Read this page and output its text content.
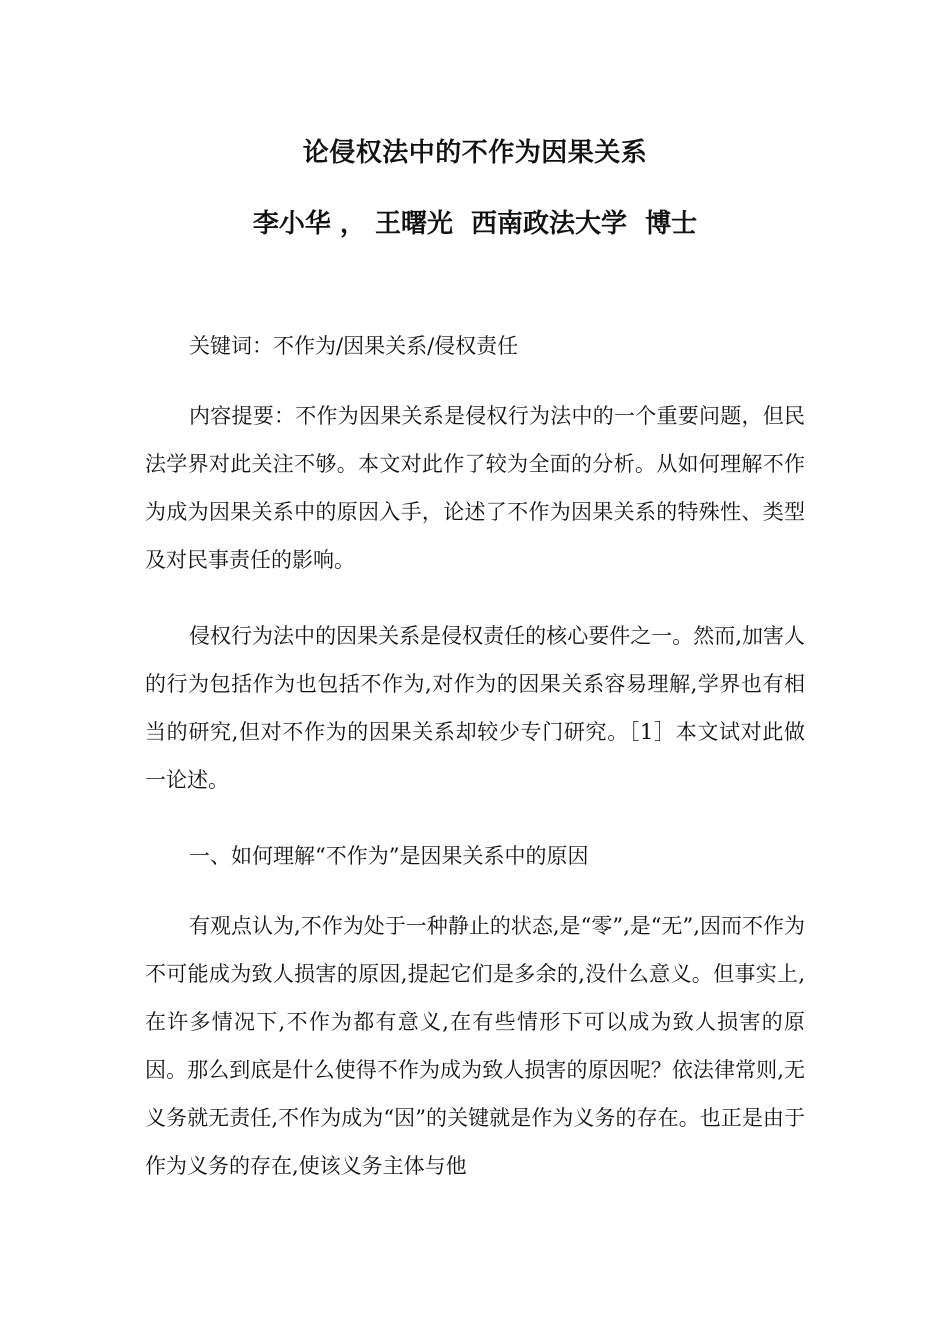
论侵权法中的不作为因果关系
李小华 ， 王曙光  西南政法大学  博士

关键词：不作为/因果关系/侵权责任

内容提要：不作为因果关系是侵权行为法中的一个重要问题，但民法学界对此关注不够。本文对此作了较为全面的分析。从如何理解不作为成为因果关系中的原因入手，论述了不作为因果关系的特殊性、类型及对民事责任的影响。

侵权行为法中的因果关系是侵权责任的核心要件之一。然而,加害人的行为包括作为也包括不作为,对作为的因果关系容易理解,学界也有相当的研究,但对不作为的因果关系却较少专门研究。［1］本文试对此做一论述。

一、如何理解“不作为”是因果关系中的原因

有观点认为,不作为处于一种静止的状态,是“零”,是“无”,因而不作为不可能成为致人损害的原因,提起它们是多余的,没什么意义。但事实上,在许多情况下,不作为都有意义,在有些情形下可以成为致人损害的原因。那么到底是什么使得不作为成为致人损害的原因呢？依法律常则,无义务就无责任,不作为成为“因”的关键就是作为义务的存在。也正是由于作为义务的存在,使该义务主体与他
